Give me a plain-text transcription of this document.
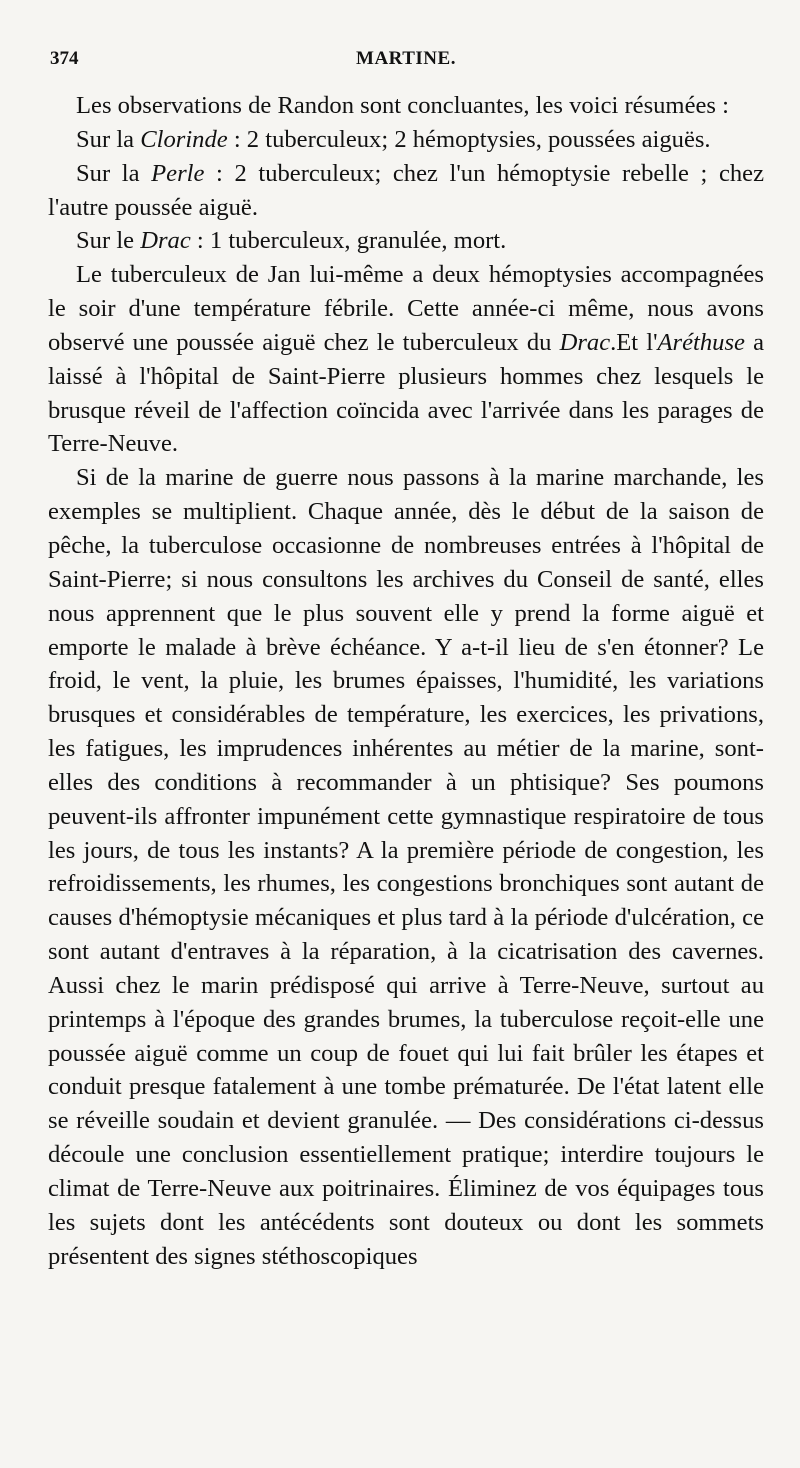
374	MARTINE.

Les observations de Randon sont concluantes, les voici résumées :

Sur la Clorinde : 2 tuberculeux; 2 hémoptysies, poussées aiguës.

Sur la Perle : 2 tuberculeux; chez l'un hémoptysie rebelle ; chez l'autre poussée aiguë.

Sur le Drac : 1 tuberculeux, granulée, mort.

Le tuberculeux de Jan lui-même a deux hémoptysies accompagnées le soir d'une température fébrile. Cette année-ci même, nous avons observé une poussée aiguë chez le tuberculeux du Drac.Et l'Aréthuse a laissé à l'hôpital de Saint-Pierre plusieurs hommes chez lesquels le brusque réveil de l'affection coïncida avec l'arrivée dans les parages de Terre-Neuve.

Si de la marine de guerre nous passons à la marine marchande, les exemples se multiplient. Chaque année, dès le début de la saison de pêche, la tuberculose occasionne de nombreuses entrées à l'hôpital de Saint-Pierre; si nous consultons les archives du Conseil de santé, elles nous apprennent que le plus souvent elle y prend la forme aiguë et emporte le malade à brève échéance. Y a-t-il lieu de s'en étonner? Le froid, le vent, la pluie, les brumes épaisses, l'humidité, les variations brusques et considérables de température, les exercices, les privations, les fatigues, les imprudences inhérentes au métier de la marine, sont-elles des conditions à recommander à un phtisique? Ses poumons peuvent-ils affronter impunément cette gymnastique respiratoire de tous les jours, de tous les instants? A la première période de congestion, les refroidissements, les rhumes, les congestions bronchiques sont autant de causes d'hémoptysie mécaniques et plus tard à la période d'ulcération, ce sont autant d'entraves à la réparation, à la cicatrisation des cavernes. Aussi chez le marin prédisposé qui arrive à Terre-Neuve, surtout au printemps à l'époque des grandes brumes, la tuberculose reçoit-elle une poussée aiguë comme un coup de fouet qui lui fait brûler les étapes et conduit presque fatalement à une tombe prématurée. De l'état latent elle se réveille soudain et devient granulée. — Des considérations ci-dessus découle une conclusion essentiellement pratique; interdire toujours le climat de Terre-Neuve aux poitrinaires. Éliminez de vos équipages tous les sujets dont les antécédents sont douteux ou dont les sommets présentent des signes stéthoscopiques
